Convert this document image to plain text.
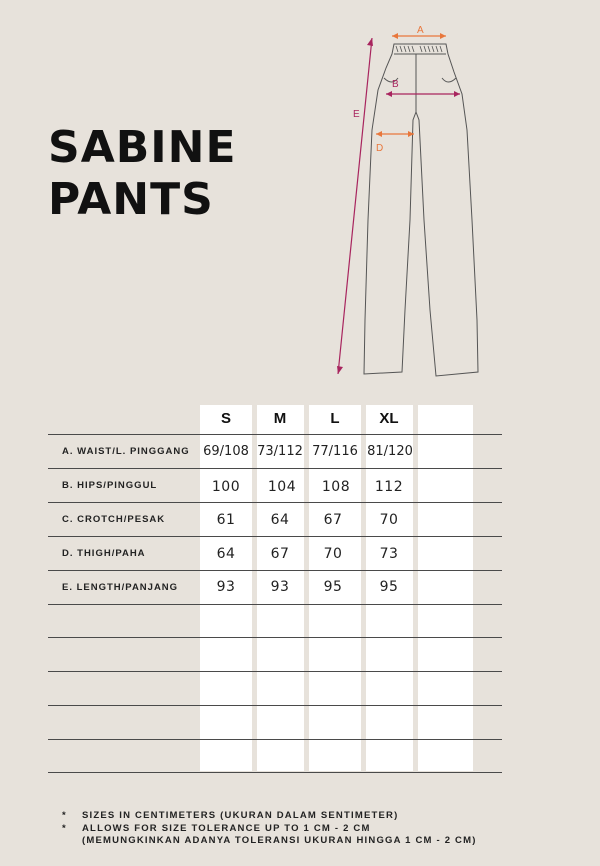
SABINE
PANTS
A
B
D
E
S	M	L	XL
A. WAIST/L. PINGGANG 69/108 73/112 77/116 81/120
B. HIPS/PINGGUL	100	104	108	112
C. CROTCH/PESAK	61	64	67	70
D. THIGH/PAHA	64	67	70	73
E. LENGTH/PANJANG	93	93	95	95
* SIZES IN CENTIMETERS (UKURAN DALAM SENTIMETER)
* ALLOWS FOR SIZE TOLERANCE UP TO 1 CM - 2 CM
(MEMUNGKINKAN ADANYA TOLERANSI UKURAN HINGGA 1 CM - 2 CM)
